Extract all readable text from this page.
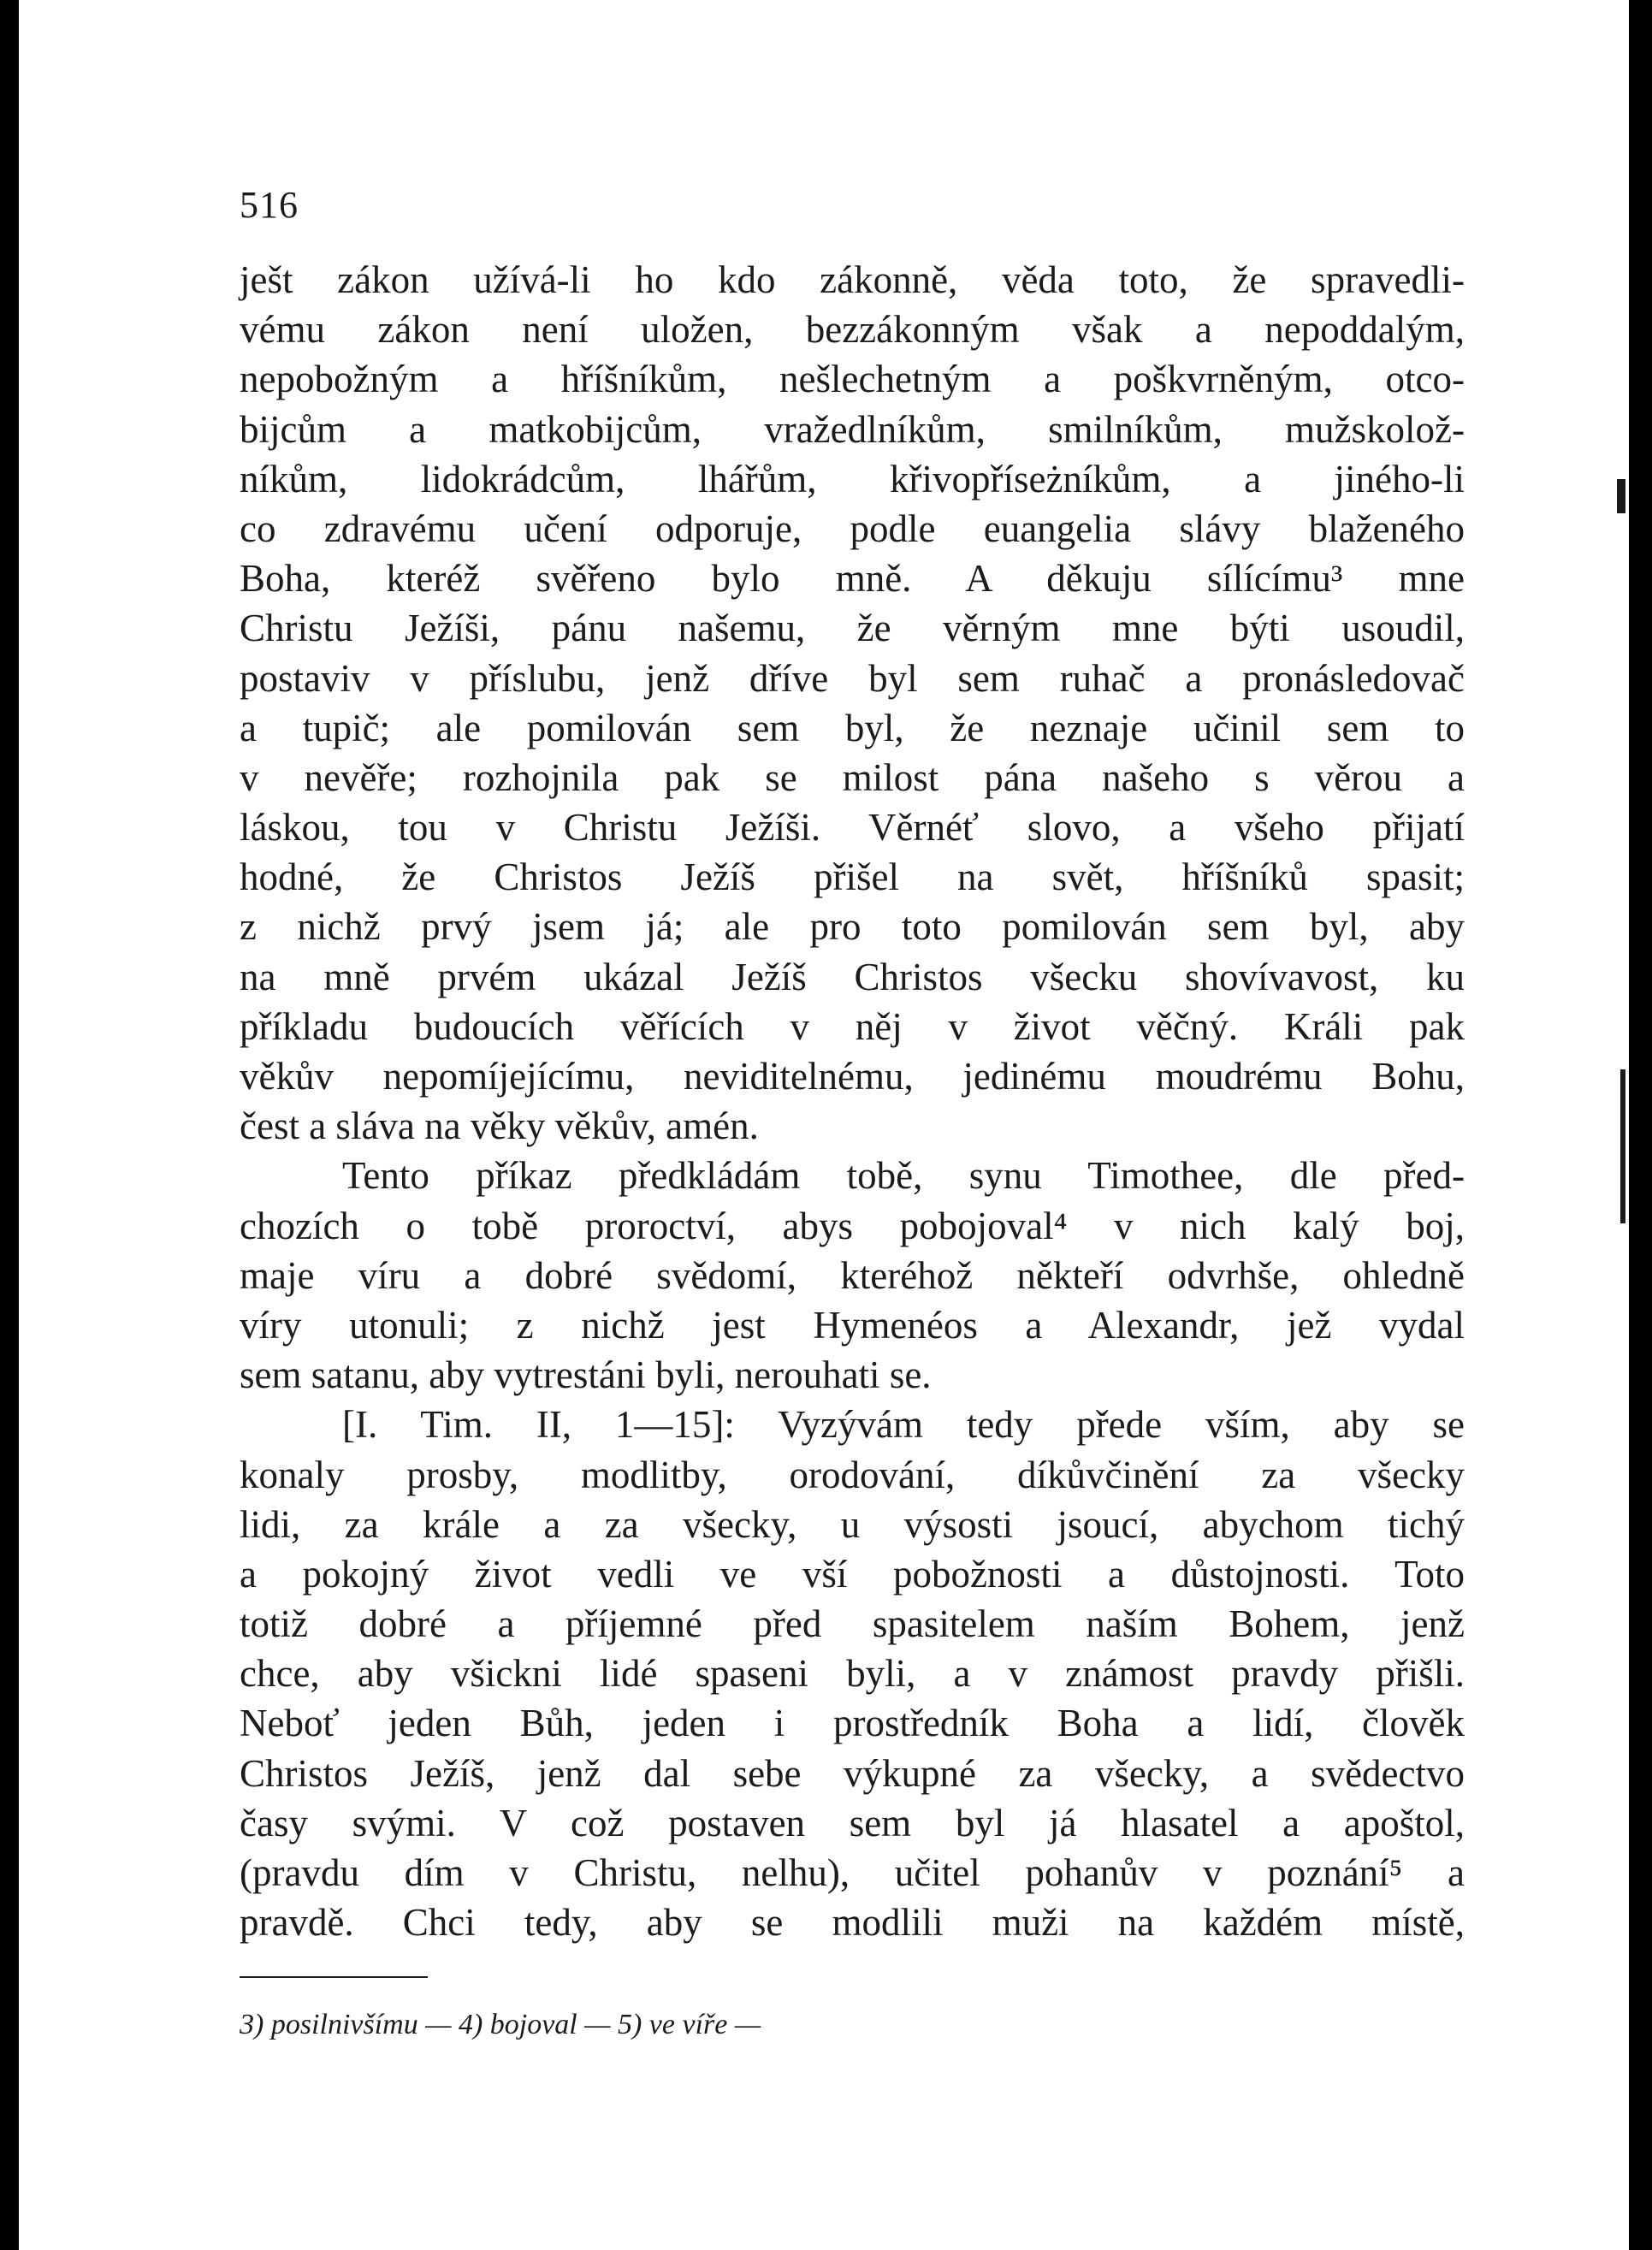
516
ješt zákon užívá-li ho kdo zákonně, věda toto, že spravedli-
vému zákon není uložen, bezzákonným však a nepoddalým,
nepobožným a hříšníkům, nešlechetným a poškvrněným, otco-
bijcům a matkobijcům, vražedlníkům, smilníkům, mužskolož-
níkům, lidokrádcům, lhářům, křivopříseżníkům, a jiného-li
co zdravému učení odporuje, podle euangelia slávy blaženého
Boha, kteréž svěřeno bylo mně. A děkuju sílícímu³ mne
Christu Ježíši, pánu našemu, že věrným mne býti usoudil,
postaviv v příslubu, jenž dříve byl sem ruhač a pronásledovač
a tupič; ale pomilován sem byl, že neznaje učinil sem to
v nevěře; rozhojnila pak se milost pána našeho s věrou a
láskou, tou v Christu Ježíši. Věrnéť slovo, a všeho přijatí
hodné, že Christos Ježíš přišel na svět, hříšníků spasit;
z nichž prvý jsem já; ale pro toto pomilován sem byl, aby
na mně prvém ukázal Ježíš Christos všecku shovívavost, ku
příkladu budoucích věřících v něj v život věčný. Králi pak
věkův nepomíjejícímu, neviditelnému, jedinému moudrému Bohu,
čest a sláva na věky věkův, amén.
Tento příkaz předkládám tobě, synu Timothee, dle před-
chozích o tobě proroctví, abys pobojoval⁴ v nich kalý boj,
maje víru a dobré svědomí, kteréhož někteří odvrhše, ohledně
víry utonuli; z nichž jest Hymenéos a Alexandr, jež vydal
sem satanu, aby vytrestáni byli, nerouhati se.
[I. Tim. II, 1—15]: Vyzývám tedy přede vším, aby se
konaly prosby, modlitby, orodování, díkůvčinění za všecky
lidi, za krále a za všecky, u výsosti jsoucí, abychom tichý
a pokojný život vedli ve vší pobožnosti a důstojnosti. Toto
totiž dobré a příjemné před spasitelem naším Bohem, jenž
chce, aby všickni lidé spaseni byli, a v známost pravdy přišli.
Neboť jeden Bůh, jeden i prostředník Boha a lidí, člověk
Christos Ježíš, jenž dal sebe výkupné za všecky, a svědectvo
časy svými. V což postaven sem byl já hlasatel a apoštol,
(pravdu dím v Christu, nelhu), učitel pohanův v poznání⁵ a
pravdě. Chci tedy, aby se modlili muži na každém místě,
3) posilnivšímu — 4) bojoval — 5) ve víře —
